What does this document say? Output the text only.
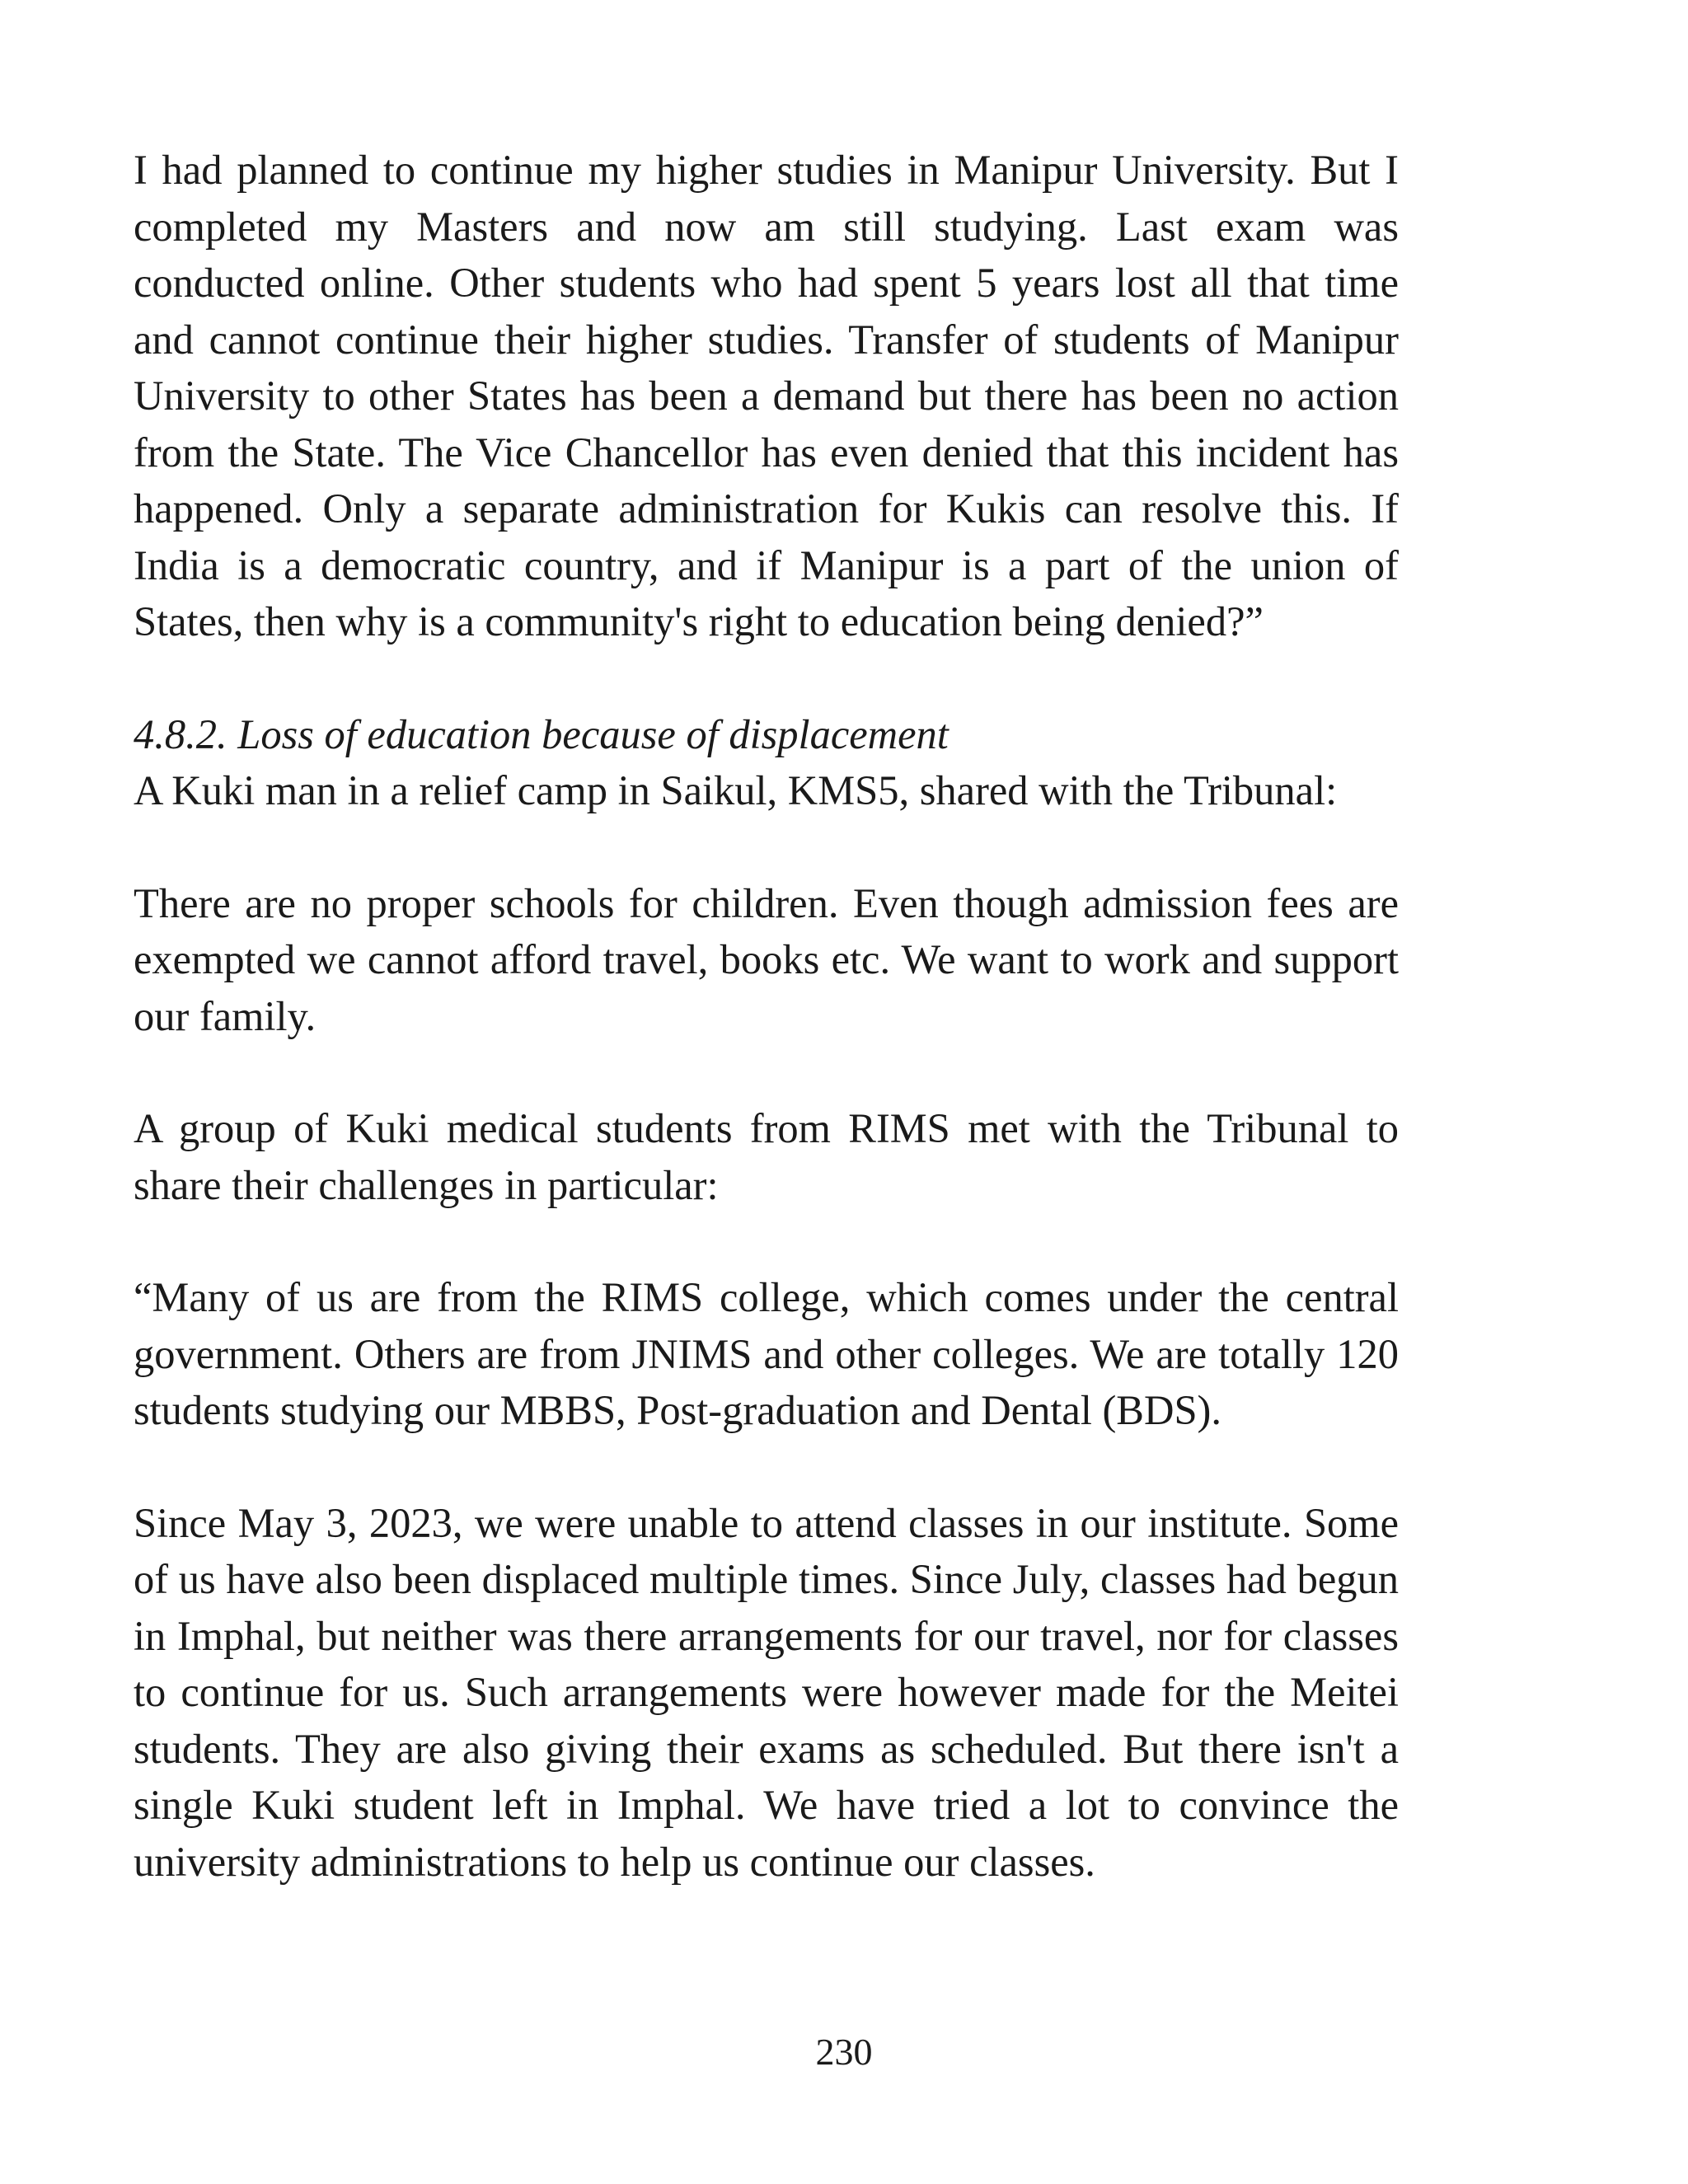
I had planned to continue my higher studies in Manipur University. But I completed my Masters and now am still studying. Last exam was conducted online. Other students who had spent 5 years lost all that time and cannot continue their higher studies. Transfer of students of Manipur University to other States has been a demand but there has been no action from the State. The Vice Chancellor has even denied that this incident has happened. Only a separate administration for Kukis can resolve this. If India is a democratic country, and if Manipur is a part of the union of States, then why is a community's right to education being denied?”

4.8.2. Loss of education because of displacement

A Kuki man in a relief camp in Saikul, KMS5, shared with the Tribunal:

There are no proper schools for children. Even though admission fees are exempted we cannot afford travel, books etc. We want to work and support our family.

A group of Kuki medical students from RIMS met with the Tribunal to share their challenges in particular:

“Many of us are from the RIMS college, which comes under the central government. Others are from JNIMS and other colleges. We are totally 120 students studying our MBBS, Post-graduation and Dental (BDS).

Since May 3, 2023, we were unable to attend classes in our institute. Some of us have also been displaced multiple times. Since July, classes had begun in Imphal, but neither was there arrangements for our travel, nor for classes to continue for us. Such arrangements were however made for the Meitei students. They are also giving their exams as scheduled. But there isn't a single Kuki student left in Imphal. We have tried a lot to convince the university administrations to help us continue our classes.

230
